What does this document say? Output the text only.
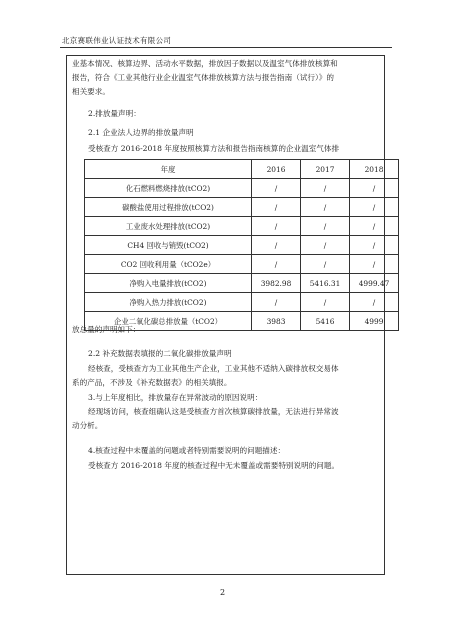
北京赛联伟业认证技术有限公司
业基本情况、核算边界、活动水平数据，排放因子数据以及温室气体排放核算和
报告，符合《工业其他行业企业温室气体排放核算方法与报告指南（试行）》的
相关要求。
2.排放量声明：
2.1 企业法人边界的排放量声明
受核查方 2016-2018 年度按照核算方法和报告指南核算的企业温室气体排
年度	2016	2017	2018
化石燃料燃烧排放(tCO2)	/	/	/
碳酸盐使用过程排放(tCO2)	/	/	/
工业废水处理排放(tCO2)	/	/	/
CH4 回收与销毁(tCO2)	/	/	/
CO2 回收利用量（tCO2e）	/	/	/
净购入电量排放(tCO2)	3982.98	5416.31	4999.47
净购入热力排放(tCO2)	/	/	/
企业二氧化碳总排放量（tCO2）	3983	5416	4999
放总量的声明如下：
2.2 补充数据表填报的二氧化碳排放量声明
经核查，受核查方为工业其他生产企业，工业其他不适纳入碳排放权交易体
系的产品，不涉及《补充数据表》的相关填报。
3.与上年度相比，排放量存在异常波动的原因说明：
经现场访问，核查组确认这是受核查方首次核算碳排放量，无法进行异常波
动分析。
4.核查过程中未覆盖的问题或者特别需要说明的问题描述：
受核查方 2016-2018 年度的核查过程中无未覆盖或需要特别说明的问题。
2
